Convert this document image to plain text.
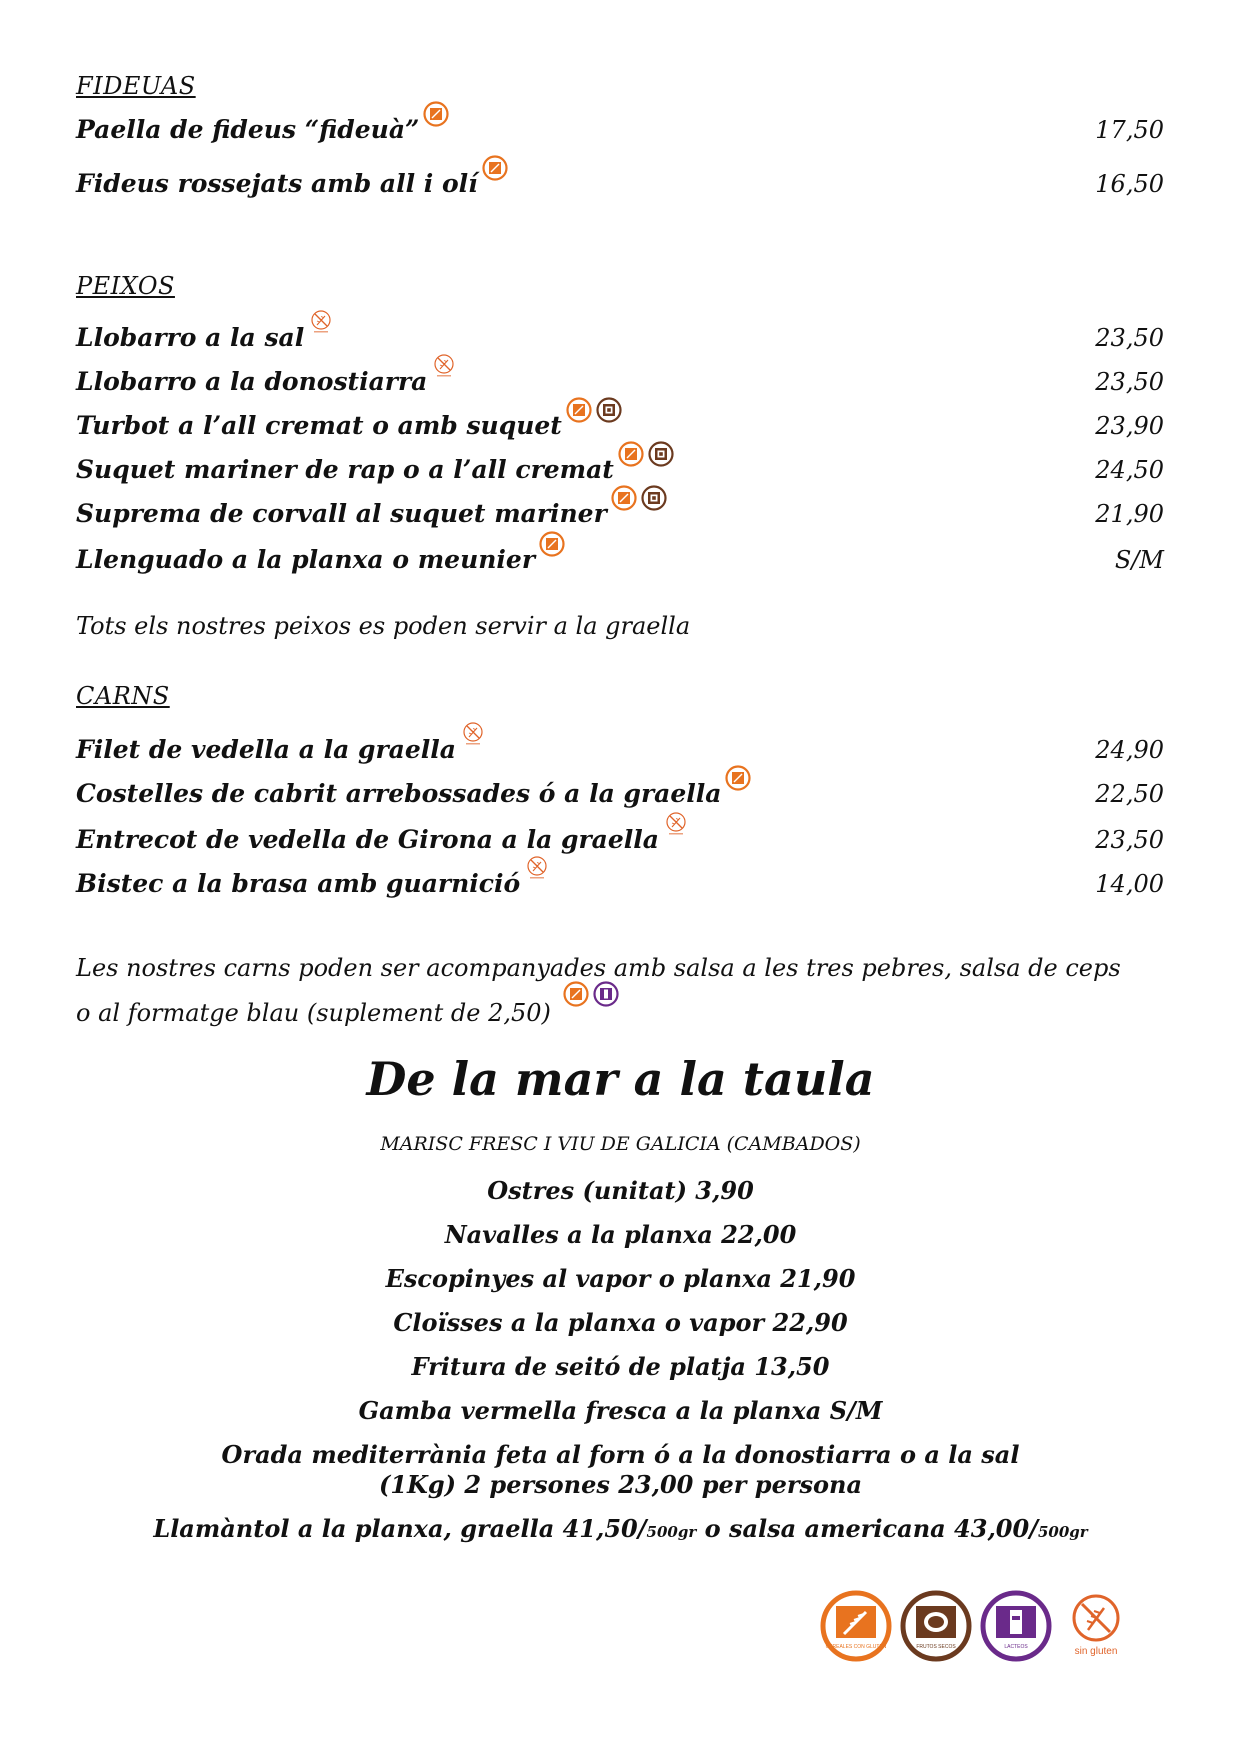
FIDEUAS
Paella de fideus “fideuà”	17,50
Fideus rossejats amb all i olí	16,50
PEIXOS
Llobarro a la sal	23,50
Llobarro a la donostiarra	23,50
Turbot a l’all cremat o amb suquet	23,90
Suquet mariner de rap o a l’all cremat	24,50
Suprema de corvall al suquet mariner	21,90
Llenguado a la planxa o meunier	S/M
Tots els nostres peixos es poden servir a la graella
CARNS
Filet de vedella a la graella	24,90
Costelles de cabrit arrebossades ó a la graella	22,50
Entrecot de vedella de Girona a la graella	23,50
Bistec a la brasa amb guarnició	14,00
Les nostres carns poden ser acompanyades amb salsa a les tres pebres, salsa de ceps
o al formatge blau (suplement de 2,50)
De la mar a la taula
MARISC FRESC I VIU DE GALICIA (CAMBADOS)
Ostres (unitat) 3,90
Navalles a la planxa 22,00
Escopinyes al vapor o planxa 21,90
Cloïsses a la planxa o vapor 22,90
Fritura de seitó de platja 13,50
Gamba vermella fresca a la planxa S/M
Orada mediterrània feta al forn ó a la donostiarra o a la sal
(1Kg) 2 persones 23,00 per persona
Llamàntol a la planxa, graella 41,50/500gr o salsa americana 43,00/500gr
CEREALES CON GLUTEN	FRUTOS SECOS	LACTEOS	sin gluten
